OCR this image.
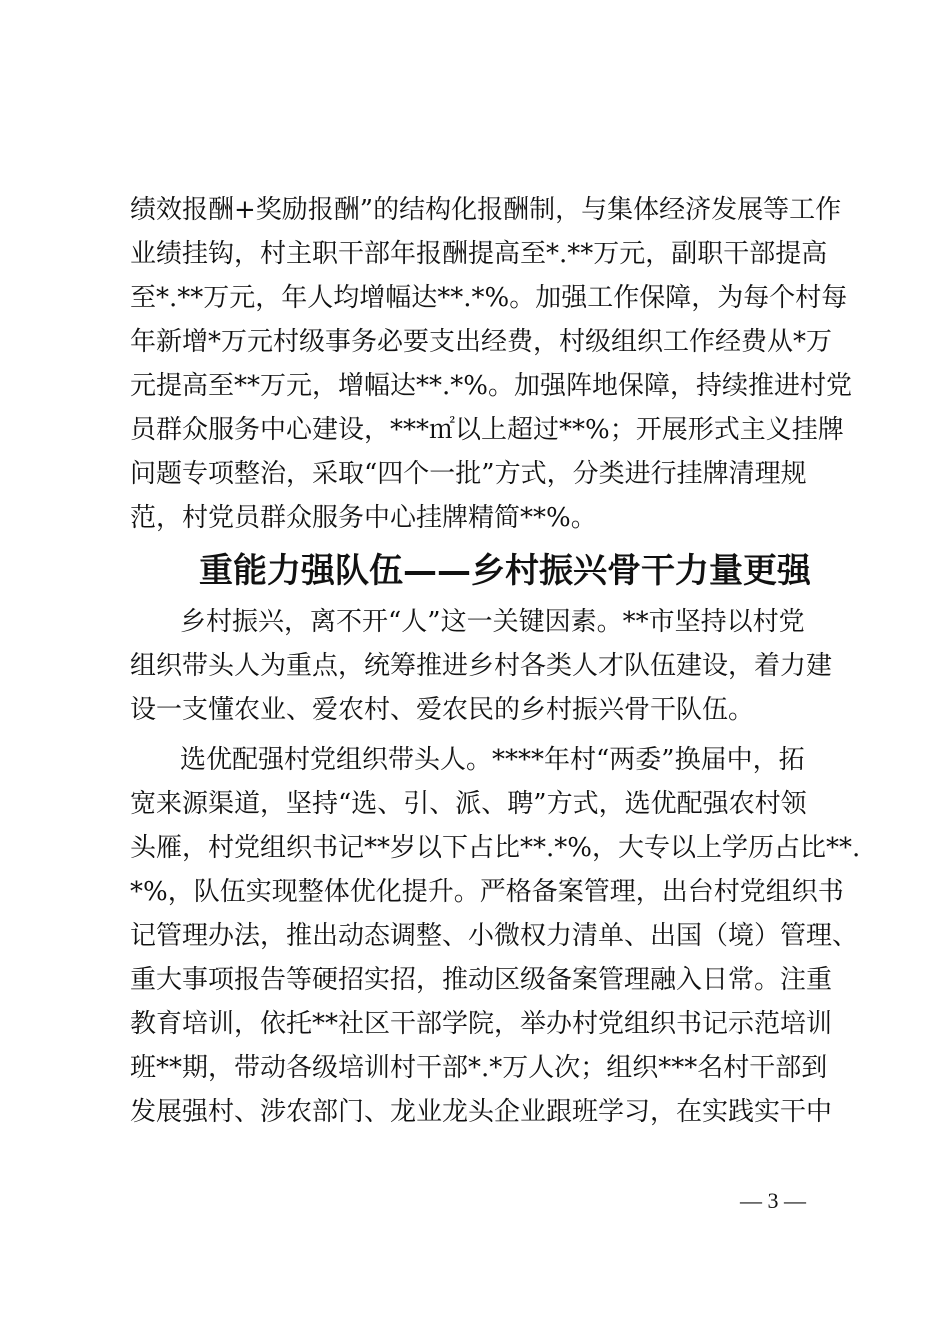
绩效报酬+奖励报酬”的结构化报酬制，与集体经济发展等工作
业绩挂钩，村主职干部年报酬提高至*.**万元，副职干部提高
至*.**万元，年人均增幅达**.*%。加强工作保障，为每个村每
年新增*万元村级事务必要支出经费，村级组织工作经费从*万
元提高至**万元，增幅达**.*%。加强阵地保障，持续推进村党
员群众服务中心建设，***㎡以上超过**%；开展形式主义挂牌
问题专项整治，采取“四个一批”方式，分类进行挂牌清理规
范，村党员群众服务中心挂牌精简**%。
重能力强队伍——乡村振兴骨干力量更强
乡村振兴，离不开“人”这一关键因素。**市坚持以村党
组织带头人为重点，统筹推进乡村各类人才队伍建设，着力建
设一支懂农业、爱农村、爱农民的乡村振兴骨干队伍。
选优配强村党组织带头人。****年村“两委”换届中，拓
宽来源渠道，坚持“选、引、派、聘”方式，选优配强农村领
头雁，村党组织书记**岁以下占比**.*%，大专以上学历占比**.
*%，队伍实现整体优化提升。严格备案管理，出台村党组织书
记管理办法，推出动态调整、小微权力清单、出国（境）管理、
重大事项报告等硬招实招，推动区级备案管理融入日常。注重
教育培训，依托**社区干部学院，举办村党组织书记示范培训
班**期，带动各级培训村干部*.*万人次；组织***名村干部到
发展强村、涉农部门、龙业龙头企业跟班学习，在实践实干中
— 3 —
